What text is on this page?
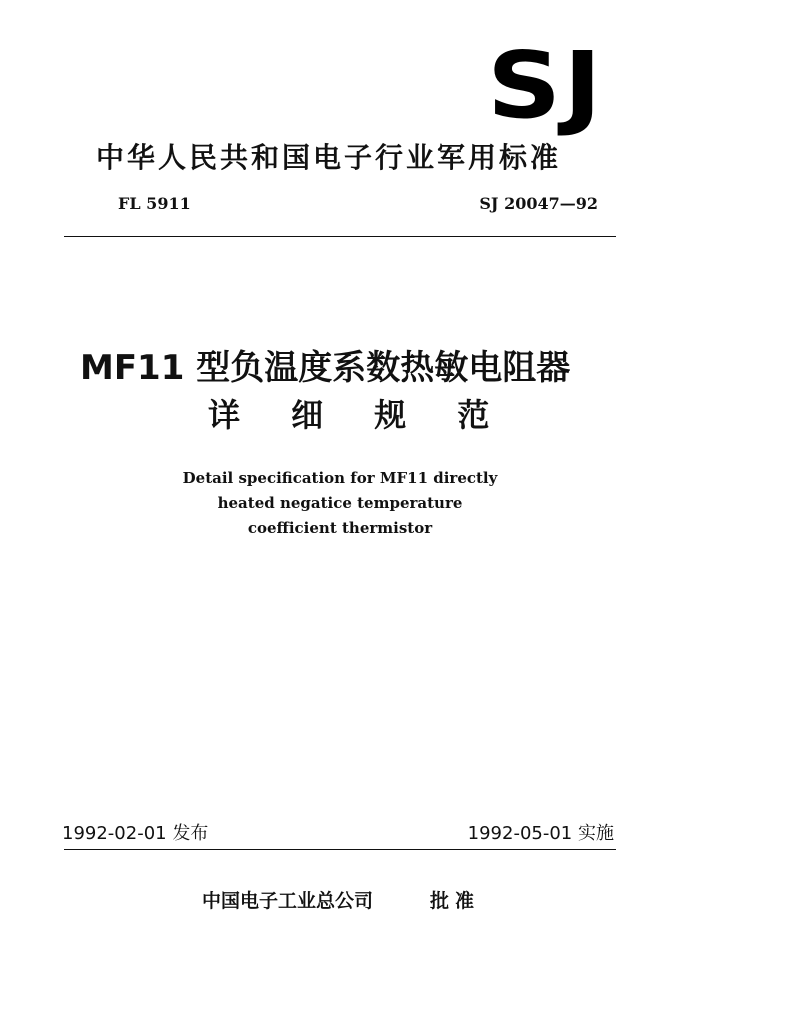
SJ
中华人民共和国电子行业军用标准
FL 5911	SJ 20047—92
MF11 型负温度系数热敏电阻器
详 细 规 范
Detail specification for MF11 directly
heated negatice temperature
coefficient thermistor
1992-02-01 发布	1992-05-01 实施
中国电子工业总公司	批准
